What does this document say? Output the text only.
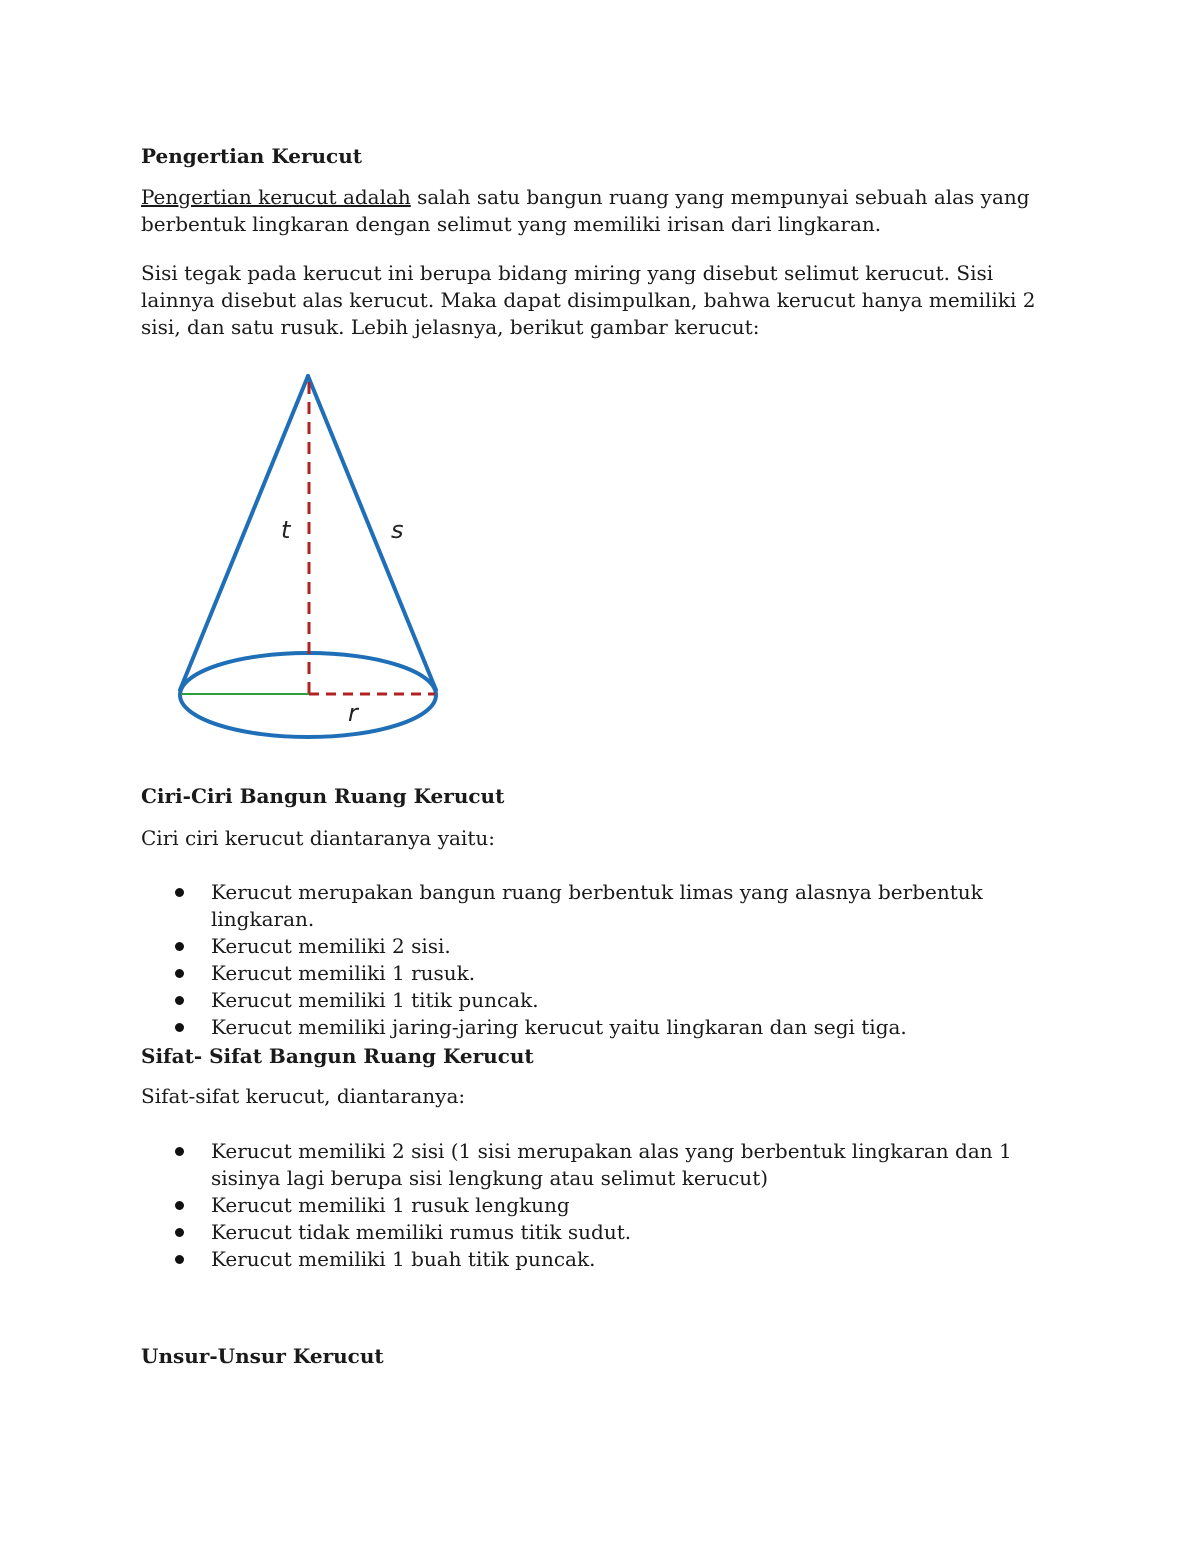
Pengertian Kerucut

Pengertian kerucut adalah salah satu bangun ruang yang mempunyai sebuah alas yang berbentuk lingkaran dengan selimut yang memiliki irisan dari lingkaran.

Sisi tegak pada kerucut ini berupa bidang miring yang disebut selimut kerucut. Sisi lainnya disebut alas kerucut. Maka dapat disimpulkan, bahwa kerucut hanya memiliki 2 sisi, dan satu rusuk. Lebih jelasnya, berikut gambar kerucut:

Ciri-Ciri Bangun Ruang Kerucut

Ciri ciri kerucut diantaranya yaitu:

Kerucut merupakan bangun ruang berbentuk limas yang alasnya berbentuk lingkaran.
Kerucut memiliki 2 sisi.
Kerucut memiliki 1 rusuk.
Kerucut memiliki 1 titik puncak.
Kerucut memiliki jaring-jaring kerucut yaitu lingkaran dan segi tiga.
Sifat- Sifat Bangun Ruang Kerucut

Sifat-sifat kerucut, diantaranya:

Kerucut memiliki 2 sisi (1 sisi merupakan alas yang berbentuk lingkaran dan 1 sisinya lagi berupa sisi lengkung atau selimut kerucut)
Kerucut memiliki 1 rusuk lengkung
Kerucut tidak memiliki rumus titik sudut.
Kerucut memiliki 1 buah titik puncak.
Unsur-Unsur Kerucut
t	s
r
